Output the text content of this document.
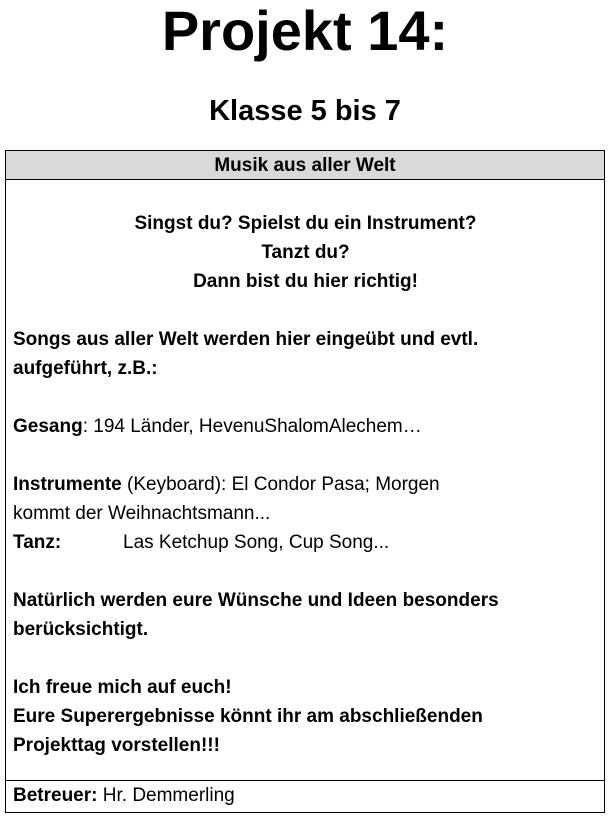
Projekt 14:
Klasse 5 bis 7
Musik aus aller Welt
Singst du? Spielst du ein Instrument?
Tanzt du?
Dann bist du hier richtig!
Songs aus aller Welt werden hier eingeübt und evtl.
aufgeführt, z.B.:
Gesang: 194 Länder, HevenuShalomAlechem…
Instrumente (Keyboard): El Condor Pasa; Morgen
kommt der Weihnachtsmann...
Tanz:	Las Ketchup Song, Cup Song...
Natürlich werden eure Wünsche und Ideen besonders
berücksichtigt.
Ich freue mich auf euch!
Eure Superergebnisse könnt ihr am abschließenden
Projekttag vorstellen!!!
Betreuer: Hr. Demmerling
